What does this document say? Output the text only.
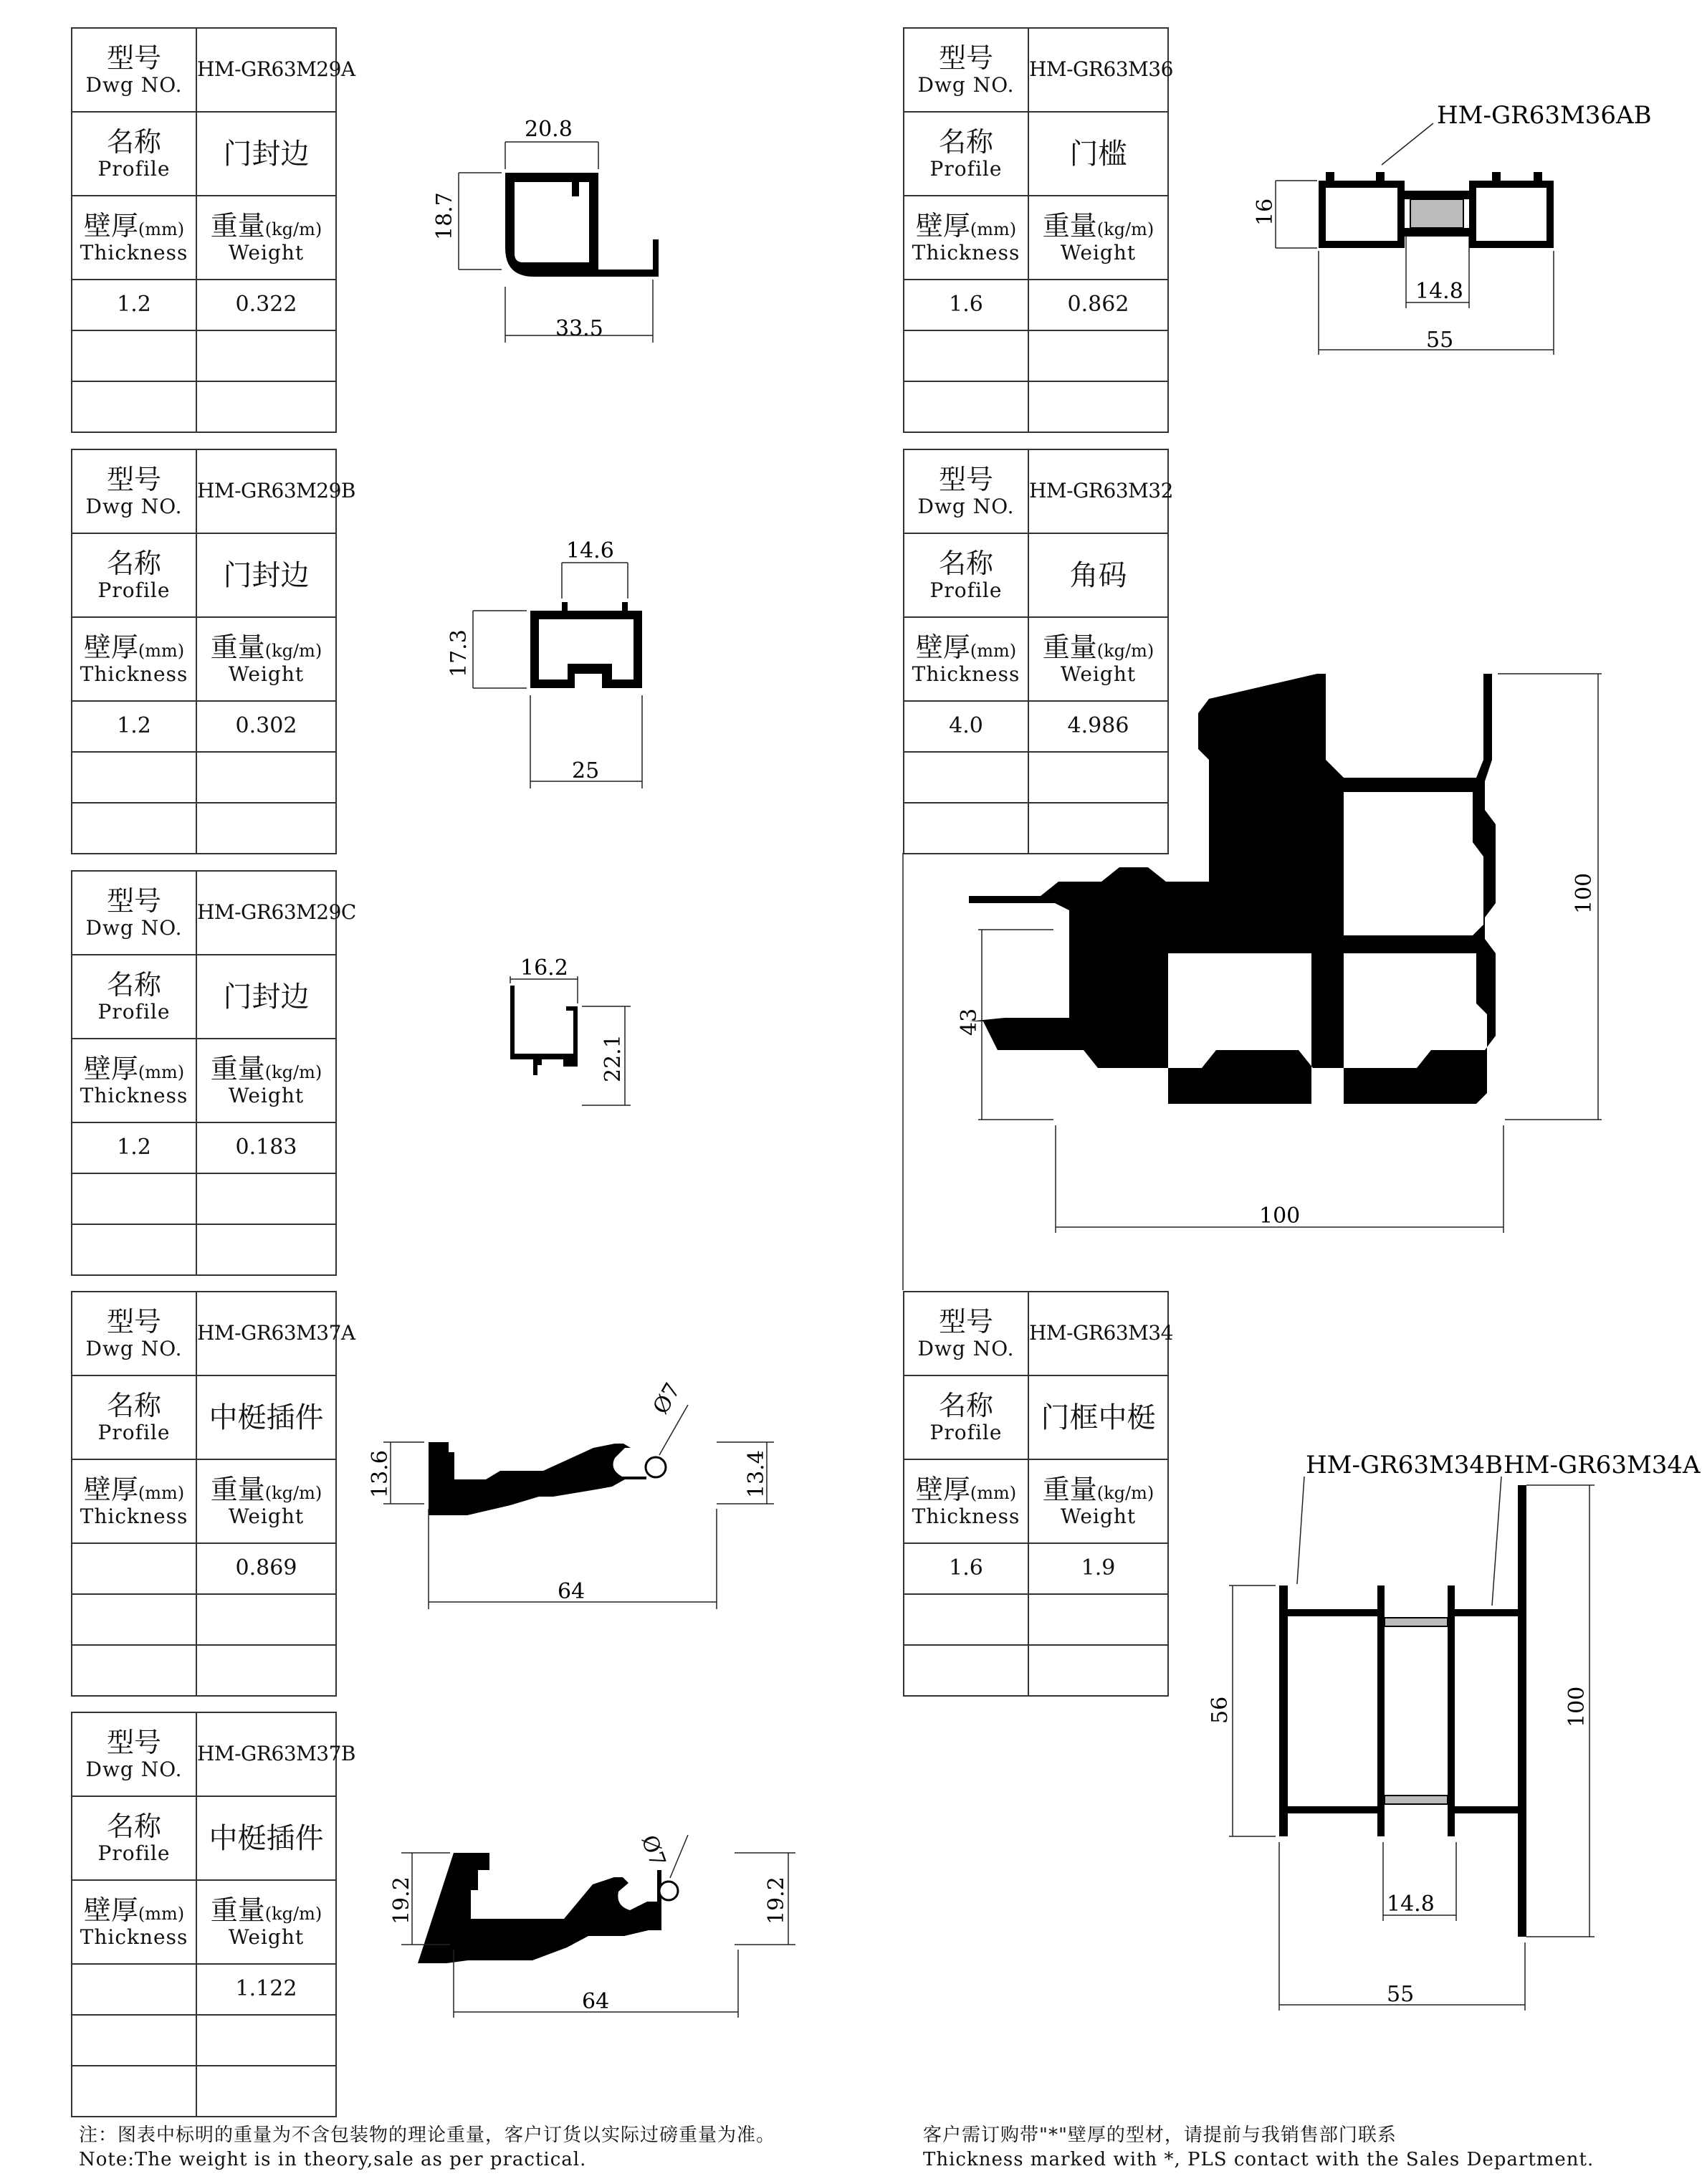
型号
Dwg NO.	HM-GR63M29A

名称
Profile	门封边

壁厚(mm)
Thickness	重量(kg/m)
Weight

1.2	0.322

型号
Dwg NO.	HM-GR63M36

名称
Profile	门槛

壁厚(mm)
Thickness	重量(kg/m)
Weight

1.6	0.862

型号
Dwg NO.	HM-GR63M29B

名称
Profile	门封边

壁厚(mm)
Thickness	重量(kg/m)
Weight

1.2	0.302

型号
Dwg NO.	HM-GR63M32

名称
Profile	角码

壁厚(mm)
Thickness	重量(kg/m)
Weight

4.0	4.986

型号
Dwg NO.	HM-GR63M29C

名称
Profile	门封边

壁厚(mm)
Thickness	重量(kg/m)
Weight

1.2	0.183

型号
Dwg NO.	HM-GR63M37A

名称
Profile	中梃插件

壁厚(mm)
Thickness	重量(kg/m)
Weight

	0.869

型号
Dwg NO.	HM-GR63M34

名称
Profile	门框中梃

壁厚(mm)
Thickness	重量(kg/m)
Weight

1.6	1.9

型号
Dwg NO.	HM-GR63M37B

名称
Profile	中梃插件

壁厚(mm)
Thickness	重量(kg/m)
Weight

	1.122

20.8
18.7
33.5
HM-GR63M36AB
14.8
16
55
14.6
17.3
25
100
43
100
16.2
22.1
Ø7
13.6	13.4
64
HM-GR63M34B HM-GR63M34A
56	100
14.8
55
Ø7
19.2	19.2
64
注：图表中标明的重量为不含包装物的理论重量，客户订货以实际过磅重量为准。
Note:The weight is in theory,sale as per practical.
客户需订购带"*"壁厚的型材，请提前与我销售部门联系
Thickness marked with *, PLS contact with the Sales Department.
